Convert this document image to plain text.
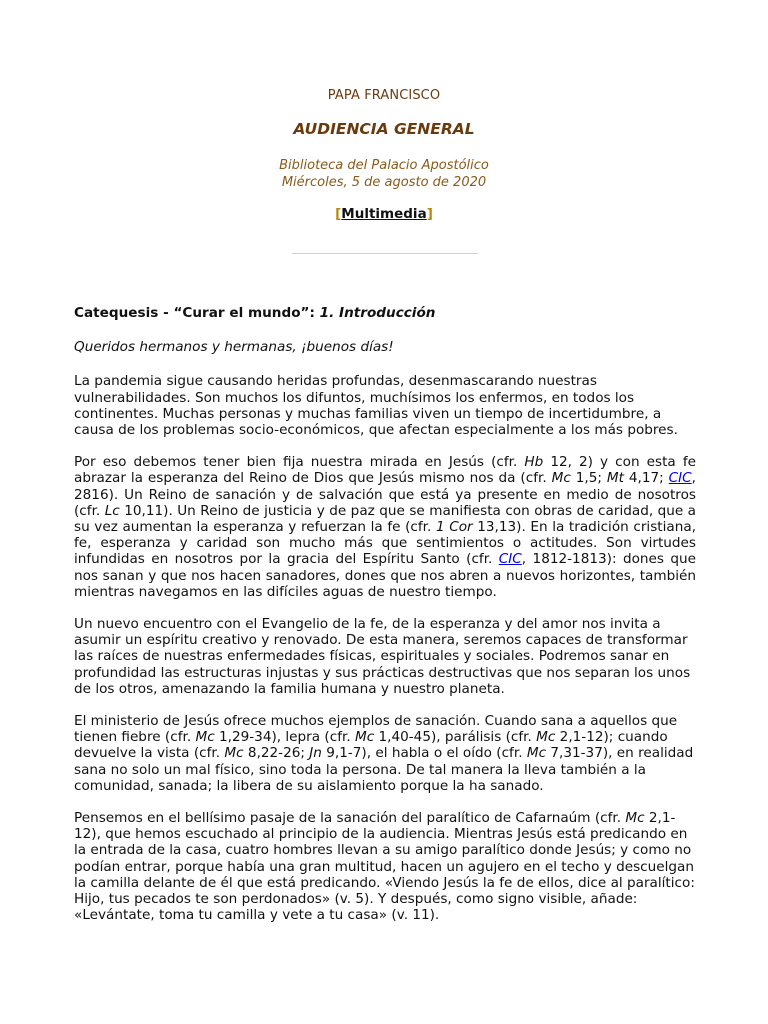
PAPA FRANCISCO
AUDIENCIA GENERAL
Biblioteca del Palacio Apostólico
Miércoles, 5 de agosto de 2020
[Multimedia]

Catequesis - “Curar el mundo”: 1. Introducción

Queridos hermanos y hermanas, ¡buenos días!

La pandemia sigue causando heridas profundas, desenmascarando nuestras vulnerabilidades. Son muchos los difuntos, muchísimos los enfermos, en todos los continentes. Muchas personas y muchas familias viven un tiempo de incertidumbre, a causa de los problemas socio-económicos, que afectan especialmente a los más pobres.

Por eso debemos tener bien fija nuestra mirada en Jesús (cfr. Hb 12, 2) y con esta fe abrazar la esperanza del Reino de Dios que Jesús mismo nos da (cfr. Mc 1,5; Mt 4,17; CIC, 2816). Un Reino de sanación y de salvación que está ya presente en medio de nosotros (cfr. Lc 10,11). Un Reino de justicia y de paz que se manifiesta con obras de caridad, que a su vez aumentan la esperanza y refuerzan la fe (cfr. 1 Cor 13,13). En la tradición cristiana, fe, esperanza y caridad son mucho más que sentimientos o actitudes. Son virtudes infundidas en nosotros por la gracia del Espíritu Santo (cfr. CIC, 1812-1813): dones que nos sanan y que nos hacen sanadores, dones que nos abren a nuevos horizontes, también mientras navegamos en las difíciles aguas de nuestro tiempo.

Un nuevo encuentro con el Evangelio de la fe, de la esperanza y del amor nos invita a asumir un espíritu creativo y renovado. De esta manera, seremos capaces de transformar las raíces de nuestras enfermedades físicas, espirituales y sociales. Podremos sanar en profundidad las estructuras injustas y sus prácticas destructivas que nos separan los unos de los otros, amenazando la familia humana y nuestro planeta.

El ministerio de Jesús ofrece muchos ejemplos de sanación. Cuando sana a aquellos que tienen fiebre (cfr. Mc 1,29-34), lepra (cfr. Mc 1,40-45), parálisis (cfr. Mc 2,1-12); cuando devuelve la vista (cfr. Mc 8,22-26; Jn 9,1-7), el habla o el oído (cfr. Mc 7,31-37), en realidad sana no solo un mal físico, sino toda la persona. De tal manera la lleva también a la comunidad, sanada; la libera de su aislamiento porque la ha sanado.

Pensemos en el bellísimo pasaje de la sanación del paralítico de Cafarnaúm (cfr. Mc 2,1-12), que hemos escuchado al principio de la audiencia. Mientras Jesús está predicando en la entrada de la casa, cuatro hombres llevan a su amigo paralítico donde Jesús; y como no podían entrar, porque había una gran multitud, hacen un agujero en el techo y descuelgan la camilla delante de él que está predicando. «Viendo Jesús la fe de ellos, dice al paralítico: Hijo, tus pecados te son perdonados» (v. 5). Y después, como signo visible, añade: «Levántate, toma tu camilla y vete a tu casa» (v. 11).
